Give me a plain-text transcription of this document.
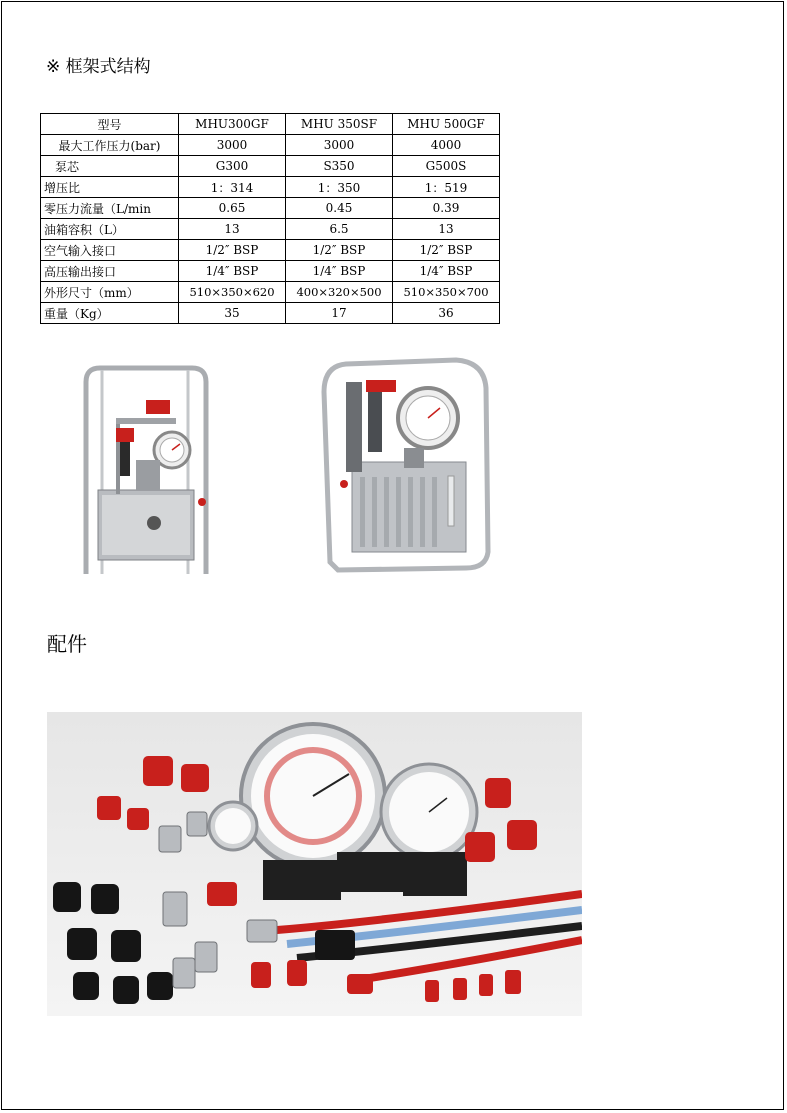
※ 框架式结构
型号	MHU300GF	MHU 350SF	MHU 500GF
最大工作压力(bar)	3000	3000	4000
泵芯	G300	S350	G500S
增压比	1：314	1：350	1：519
零压力流量（L/min	0.65	0.45	0.39
油箱容积（L）	13	6.5	13
空气输入接口	1/2″ BSP	1/2″ BSP	1/2″ BSP
高压输出接口	1/4″ BSP	1/4″ BSP	1/4″ BSP
外形尺寸（mm）	510×350×620	400×320×500	510×350×700
重量（Kg）	35	17	36
配件
